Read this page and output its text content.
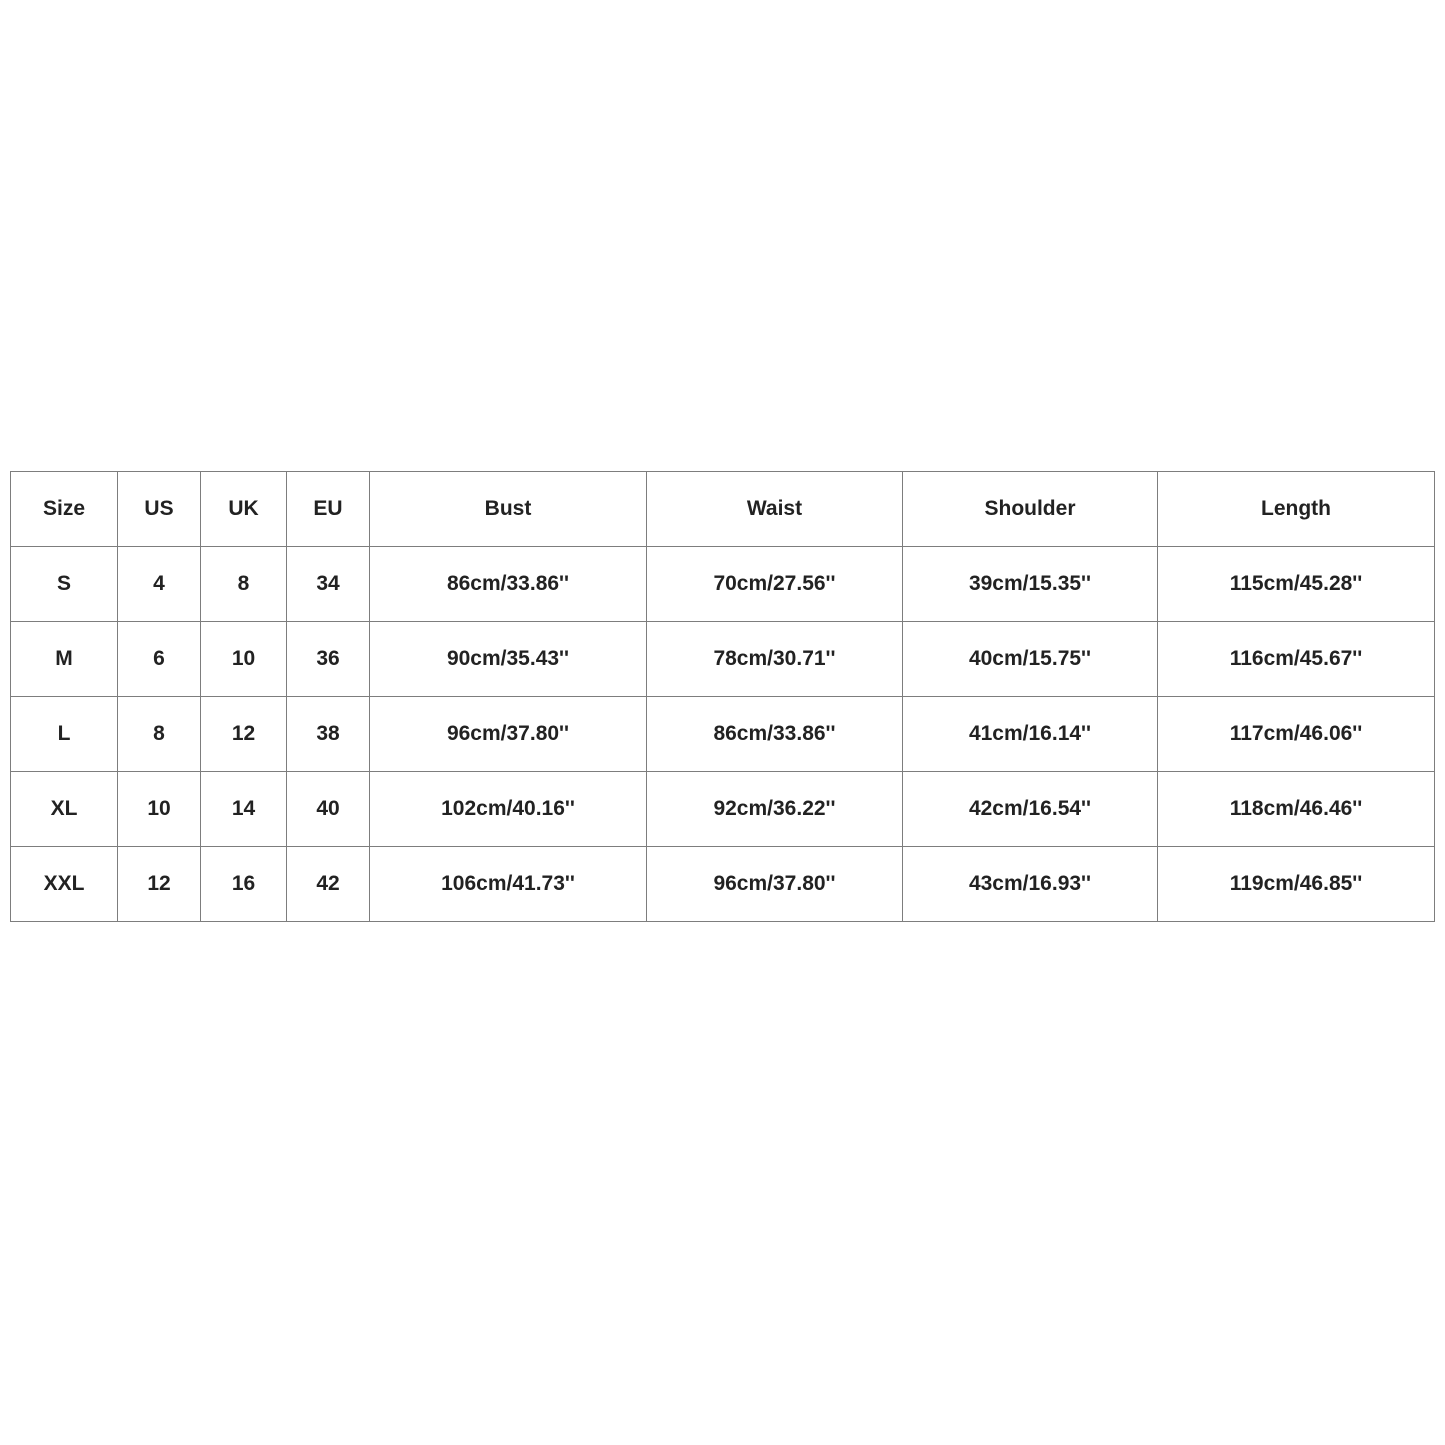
Size	US	UK	EU	Bust	Waist	Shoulder	Length
S	4	8	34	86cm/33.86''	70cm/27.56''	39cm/15.35''	115cm/45.28''
M	6	10	36	90cm/35.43''	78cm/30.71''	40cm/15.75''	116cm/45.67''
L	8	12	38	96cm/37.80''	86cm/33.86''	41cm/16.14''	117cm/46.06''
XL	10	14	40	102cm/40.16''	92cm/36.22''	42cm/16.54''	118cm/46.46''
XXL	12	16	42	106cm/41.73''	96cm/37.80''	43cm/16.93''	119cm/46.85''
